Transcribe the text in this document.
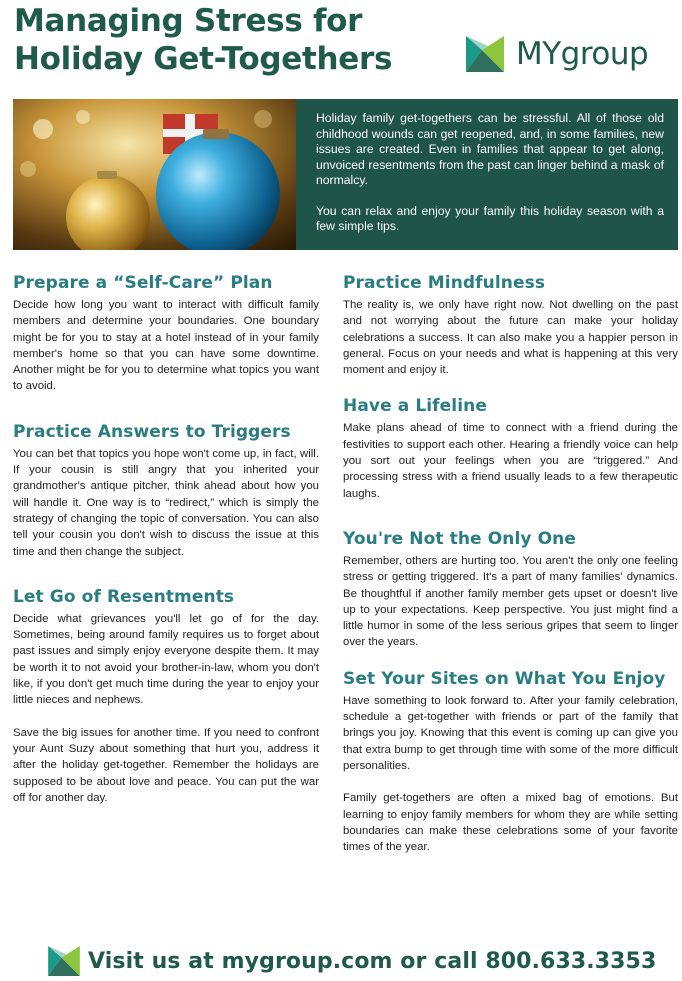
Managing Stress for Holiday Get-Togethers	MYgroup

Holiday family get-togethers can be stressful. All of those old childhood wounds can get reopened, and, in some families, new issues are created. Even in families that appear to get along, unvoiced resentments from the past can linger behind a mask of normalcy.

You can relax and enjoy your family this holiday season with a few simple tips.

Prepare a “Self-Care” Plan

Decide how long you want to interact with difficult family members and determine your boundaries. One boundary might be for you to stay at a hotel instead of in your family member's home so that you can have some downtime. Another might be for you to determine what topics you want to avoid.

Practice Answers to Triggers

You can bet that topics you hope won't come up, in fact, will. If your cousin is still angry that you inherited your grandmother's antique pitcher, think ahead about how you will handle it. One way is to “redirect,” which is simply the strategy of changing the topic of conversation. You can also tell your cousin you don't wish to discuss the issue at this time and then change the subject.

Let Go of Resentments

Decide what grievances you'll let go of for the day. Sometimes, being around family requires us to forget about past issues and simply enjoy everyone despite them. It may be worth it to not avoid your brother-in-law, whom you don't like, if you don't get much time during the year to enjoy your little nieces and nephews.

Save the big issues for another time. If you need to confront your Aunt Suzy about something that hurt you, address it after the holiday get-together. Remember the holidays are supposed to be about love and peace. You can put the war off for another day.

Practice Mindfulness

The reality is, we only have right now. Not dwelling on the past and not worrying about the future can make your holiday celebrations a success. It can also make you a happier person in general. Focus on your needs and what is happening at this very moment and enjoy it.

Have a Lifeline

Make plans ahead of time to connect with a friend during the festivities to support each other. Hearing a friendly voice can help you sort out your feelings when you are “triggered.” And processing stress with a friend usually leads to a few therapeutic laughs.

You're Not the Only One

Remember, others are hurting too. You aren't the only one feeling stress or getting triggered. It's a part of many families' dynamics. Be thoughtful if another family member gets upset or doesn't live up to your expectations. Keep perspective. You just might find a little humor in some of the less serious gripes that seem to linger over the years.

Set Your Sites on What You Enjoy

Have something to look forward to. After your family celebration, schedule a get-together with friends or part of the family that brings you joy. Knowing that this event is coming up can give you that extra bump to get through time with some of the more difficult personalities.

Family get-togethers are often a mixed bag of emotions. But learning to enjoy family members for whom they are while setting boundaries can make these celebrations some of your favorite times of the year.

Visit us at mygroup.com or call 800.633.3353
